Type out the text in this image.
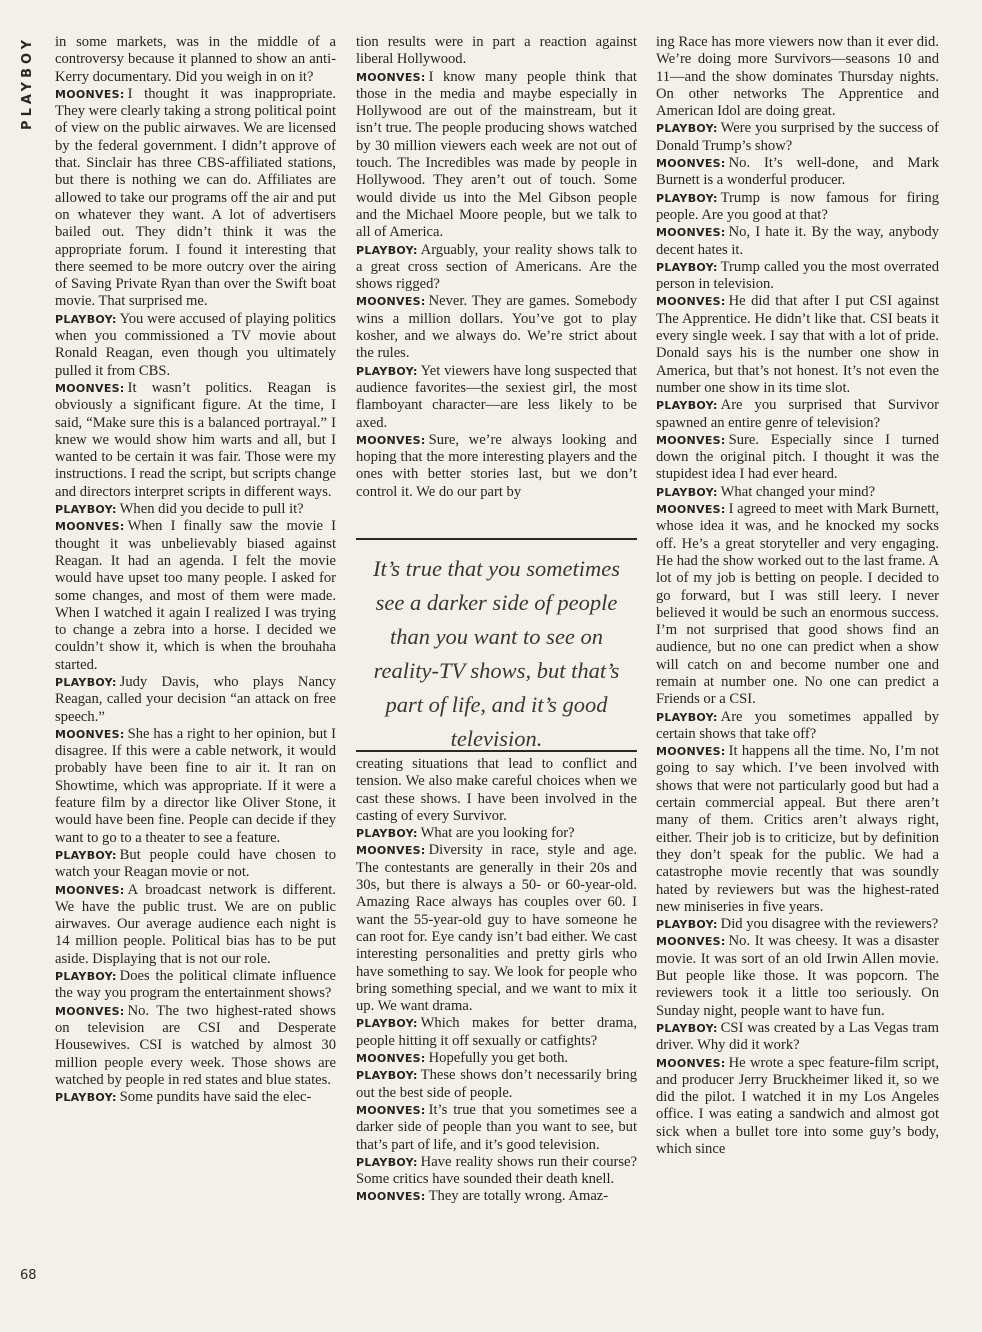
PLAYBOY	in some markets, was in the middle of a controversy because it planned to show an anti-Kerry documentary. Did you weigh in on it?

MOONVES: I thought it was inappropriate. They were clearly taking a strong political point of view on the public airwaves. We are licensed by the federal government. I didn’t approve of that. Sinclair has three CBS-affiliated stations, but there is nothing we can do. Affiliates are allowed to take our programs off the air and put on whatever they want. A lot of advertisers bailed out. They didn’t think it was the appropriate forum. I found it interesting that there seemed to be more outcry over the airing of Saving Private Ryan than over the Swift boat movie. That surprised me.

PLAYBOY: You were accused of playing politics when you commissioned a TV movie about Ronald Reagan, even though you ultimately pulled it from CBS.

MOONVES: It wasn’t politics. Reagan is obviously a significant figure. At the time, I said, “Make sure this is a balanced portrayal.” I knew we would show him warts and all, but I wanted to be certain it was fair. Those were my instructions. I read the script, but scripts change and directors interpret scripts in different ways.

PLAYBOY: When did you decide to pull it?

MOONVES: When I finally saw the movie I thought it was unbelievably biased against Reagan. It had an agenda. I felt the movie would have upset too many people. I asked for some changes, and most of them were made. When I watched it again I realized I was trying to change a zebra into a horse. I decided we couldn’t show it, which is when the brouhaha started.

PLAYBOY: Judy Davis, who plays Nancy Reagan, called your decision “an attack on free speech.”

MOONVES: She has a right to her opinion, but I disagree. If this were a cable network, it would probably have been fine to air it. It ran on Showtime, which was appropriate. If it were a feature film by a director like Oliver Stone, it would have been fine. People can decide if they want to go to a theater to see a feature.

PLAYBOY: But people could have chosen to watch your Reagan movie or not.

MOONVES: A broadcast network is different. We have the public trust. We are on public airwaves. Our average audience each night is 14 million people. Political bias has to be put aside. Displaying that is not our role.

PLAYBOY: Does the political climate influence the way you program the entertainment shows?

MOONVES: No. The two highest-rated shows on television are CSI and Desperate Housewives. CSI is watched by almost 30 million people every week. Those shows are watched by people in red states and blue states.

PLAYBOY: Some pundits have said the elec-

tion results were in part a reaction against liberal Hollywood.

MOONVES: I know many people think that those in the media and maybe especially in Hollywood are out of the mainstream, but it isn’t true. The people producing shows watched by 30 million viewers each week are not out of touch. The Incredibles was made by people in Hollywood. They aren’t out of touch. Some would divide us into the Mel Gibson people and the Michael Moore people, but we talk to all of America.

PLAYBOY: Arguably, your reality shows talk to a great cross section of Americans. Are the shows rigged?

MOONVES: Never. They are games. Somebody wins a million dollars. You’ve got to play kosher, and we always do. We’re strict about the rules.

PLAYBOY: Yet viewers have long suspected that audience favorites—the sexiest girl, the most flamboyant character—are less likely to be axed.

MOONVES: Sure, we’re always looking and hoping that the more interesting players and the ones with better stories last, but we don’t control it. We do our part by

It’s true that you sometimes see a darker side of people than you want to see on reality-TV shows, but that’s part of life, and it’s good television.

creating situations that lead to conflict and tension. We also make careful choices when we cast these shows. I have been involved in the casting of every Survivor.

PLAYBOY: What are you looking for?

MOONVES: Diversity in race, style and age. The contestants are generally in their 20s and 30s, but there is always a 50- or 60-year-old. Amazing Race always has couples over 60. I want the 55-year-old guy to have someone he can root for. Eye candy isn’t bad either. We cast interesting personalities and pretty girls who have something to say. We look for people who bring something special, and we want to mix it up. We want drama.

PLAYBOY: Which makes for better drama, people hitting it off sexually or catfights?

MOONVES: Hopefully you get both.

PLAYBOY: These shows don’t necessarily bring out the best side of people.

MOONVES: It’s true that you sometimes see a darker side of people than you want to see, but that’s part of life, and it’s good television.

PLAYBOY: Have reality shows run their course? Some critics have sounded their death knell.

MOONVES: They are totally wrong. Amaz-

ing Race has more viewers now than it ever did. We’re doing more Survivors—seasons 10 and 11—and the show dominates Thursday nights. On other networks The Apprentice and American Idol are doing great.

PLAYBOY: Were you surprised by the success of Donald Trump’s show?

MOONVES: No. It’s well-done, and Mark Burnett is a wonderful producer.

PLAYBOY: Trump is now famous for firing people. Are you good at that?

MOONVES: No, I hate it. By the way, anybody decent hates it.

PLAYBOY: Trump called you the most overrated person in television.

MOONVES: He did that after I put CSI against The Apprentice. He didn’t like that. CSI beats it every single week. I say that with a lot of pride. Donald says his is the number one show in America, but that’s not honest. It’s not even the number one show in its time slot.

PLAYBOY: Are you surprised that Survivor spawned an entire genre of television?

MOONVES: Sure. Especially since I turned down the original pitch. I thought it was the stupidest idea I had ever heard.

PLAYBOY: What changed your mind?

MOONVES: I agreed to meet with Mark Burnett, whose idea it was, and he knocked my socks off. He’s a great storyteller and very engaging. He had the show worked out to the last frame. A lot of my job is betting on people. I decided to go forward, but I was still leery. I never believed it would be such an enormous success. I’m not surprised that good shows find an audience, but no one can predict when a show will catch on and become number one and remain at number one. No one can predict a Friends or a CSI.

PLAYBOY: Are you sometimes appalled by certain shows that take off?

MOONVES: It happens all the time. No, I’m not going to say which. I’ve been involved with shows that were not particularly good but had a certain commercial appeal. But there aren’t many of them. Critics aren’t always right, either. Their job is to criticize, but by definition they don’t speak for the public. We had a catastrophe movie recently that was soundly hated by reviewers but was the highest-rated new miniseries in five years.

PLAYBOY: Did you disagree with the reviewers?

MOONVES: No. It was cheesy. It was a disaster movie. It was sort of an old Irwin Allen movie. But people like those. It was popcorn. The reviewers took it a little too seriously. On Sunday night, people want to have fun.

PLAYBOY: CSI was created by a Las Vegas tram driver. Why did it work?

MOONVES: He wrote a spec feature-film script, and producer Jerry Bruckheimer liked it, so we did the pilot. I watched it in my Los Angeles office. I was eating a sandwich and almost got sick when a bullet tore into some guy’s body, which since

68
